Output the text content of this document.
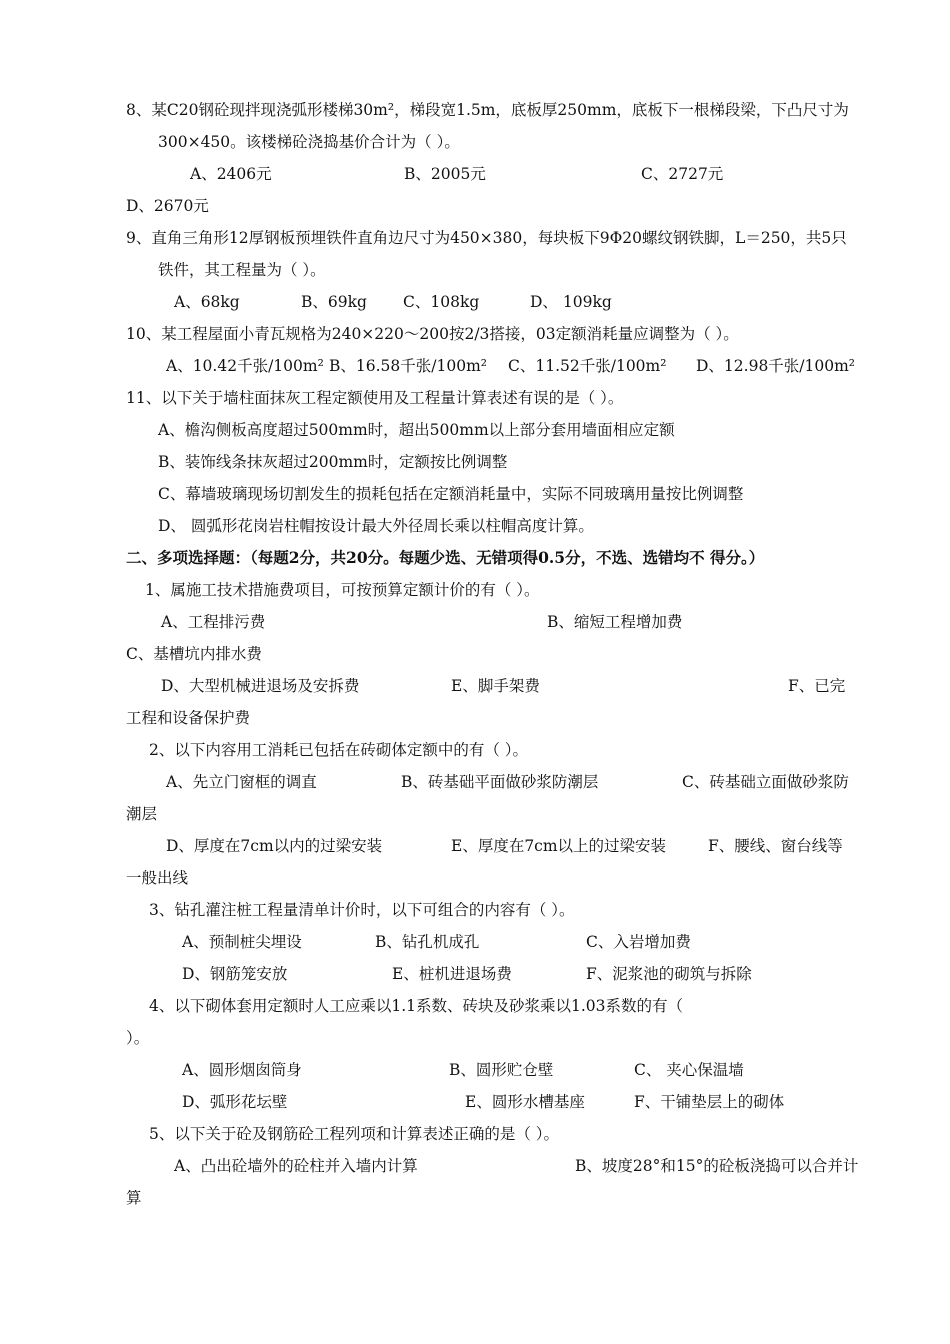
8、某C20钢砼现拌现浇弧形楼梯30m²，梯段宽1.5m，底板厚250mm，底板下一根梯段梁，下凸尺寸为
300×450。该楼梯砼浇捣基价合计为（ ）。
A、2406元	B、2005元	C、2727元
D、2670元
9、直角三角形12厚钢板预埋铁件直角边尺寸为450×380，每块板下9Φ20螺纹钢铁脚，L＝250，共5只
铁件，其工程量为（ ）。
A、68kg	B、69kg C、108kg	D、 109kg
10、某工程屋面小青瓦规格为240×220～200按2/3搭接，03定额消耗量应调整为（ ）。
A、10.42千张/100m² B、16.58千张/100m² C、11.52千张/100m² D、12.98千张/100m²
11、以下关于墙柱面抹灰工程定额使用及工程量计算表述有误的是（ ）。
A、檐沟侧板高度超过500mm时，超出500mm以上部分套用墙面相应定额
B、装饰线条抹灰超过200mm时，定额按比例调整
C、幕墙玻璃现场切割发生的损耗包括在定额消耗量中，实际不同玻璃用量按比例调整
D、 圆弧形花岗岩柱帽按设计最大外径周长乘以柱帽高度计算。
二、多项选择题：（每题2分，共20分。每题少选、无错项得0.5分，不选、选错均不 得分。）
1、属施工技术措施费项目，可按预算定额计价的有（ ）。
A、工程排污费	B、缩短工程增加费
C、基槽坑内排水费
D、大型机械进退场及安拆费	E、脚手架费	F、已完
工程和设备保护费
2、以下内容用工消耗已包括在砖砌体定额中的有（ ）。
A、先立门窗框的调直	B、砖基础平面做砂浆防潮层	C、砖基础立面做砂浆防
潮层
D、厚度在7cm以内的过梁安装	E、厚度在7cm以上的过梁安装	F、腰线、窗台线等
一般出线
3、钻孔灌注桩工程量清单计价时，以下可组合的内容有（ ）。
A、预制桩尖埋设	B、钻孔机成孔	C、入岩增加费
D、钢筋笼安放	E、桩机进退场费	F、泥浆池的砌筑与拆除
4、以下砌体套用定额时人工应乘以1.1系数、砖块及砂浆乘以1.03系数的有（
）。
A、圆形烟囱筒身	B、圆形贮仓壁	C、 夹心保温墙
D、弧形花坛壁	E、圆形水槽基座	F、干铺垫层上的砌体
5、以下关于砼及钢筋砼工程列项和计算表述正确的是（ ）。
A、凸出砼墙外的砼柱并入墙内计算	B、坡度28°和15°的砼板浇捣可以合并计
算
